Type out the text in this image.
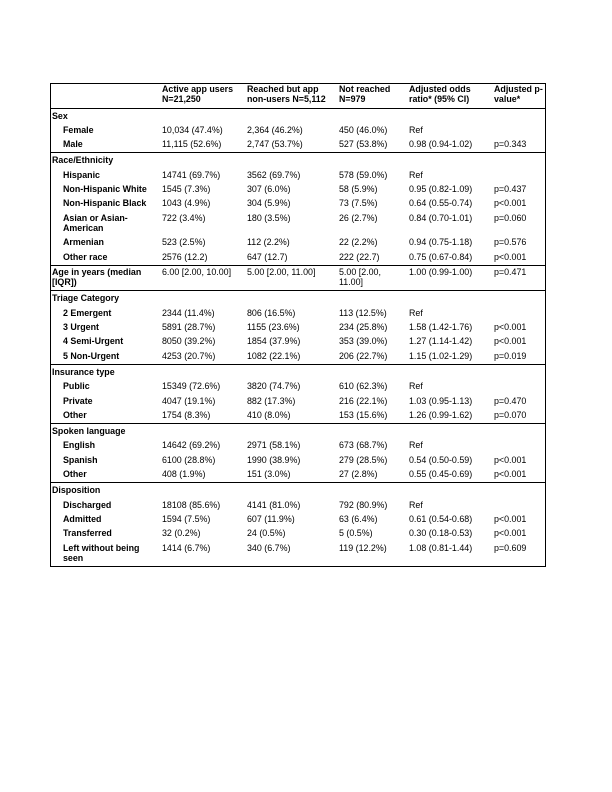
	Active app users N=21,250	Reached but app non-users N=5,112	Not reached N=979	Adjusted odds ratio* (95% CI)	Adjusted p-value*
Sex					
Female	10,034 (47.4%)	2,364 (46.2%)	450 (46.0%)	Ref	
Male	11,115 (52.6%)	2,747 (53.7%)	527 (53.8%)	0.98 (0.94-1.02)	p=0.343
Race/Ethnicity					
Hispanic	14741 (69.7%)	3562 (69.7%)	578 (59.0%)	Ref	
Non-Hispanic White	1545 (7.3%)	307 (6.0%)	58 (5.9%)	0.95 (0.82-1.09)	p=0.437
Non-Hispanic Black	1043 (4.9%)	304 (5.9%)	73 (7.5%)	0.64 (0.55-0.74)	p<0.001
Asian or Asian-American	722 (3.4%)	180 (3.5%)	26 (2.7%)	0.84 (0.70-1.01)	p=0.060
Armenian	523 (2.5%)	112 (2.2%)	22 (2.2%)	0.94 (0.75-1.18)	p=0.576
Other race	2576 (12.2)	647 (12.7)	222 (22.7)	0.75 (0.67-0.84)	p<0.001
Age in years (median [IQR])	6.00 [2.00, 10.00]	5.00 [2.00, 11.00]	5.00 [2.00, 11.00]	1.00 (0.99-1.00)	p=0.471
Triage Category					
2 Emergent	2344 (11.4%)	806 (16.5%)	113 (12.5%)	Ref	
3 Urgent	5891 (28.7%)	1155 (23.6%)	234 (25.8%)	1.58 (1.42-1.76)	p<0.001
4 Semi-Urgent	8050 (39.2%)	1854 (37.9%)	353 (39.0%)	1.27 (1.14-1.42)	p<0.001
5 Non-Urgent	4253 (20.7%)	1082 (22.1%)	206 (22.7%)	1.15 (1.02-1.29)	p=0.019
Insurance type					
Public	15349 (72.6%)	3820 (74.7%)	610 (62.3%)	Ref	
Private	4047 (19.1%)	882 (17.3%)	216 (22.1%)	1.03 (0.95-1.13)	p=0.470
Other	1754 (8.3%)	410 (8.0%)	153 (15.6%)	1.26 (0.99-1.62)	p=0.070
Spoken language					
English	14642 (69.2%)	2971 (58.1%)	673 (68.7%)	Ref	
Spanish	6100 (28.8%)	1990 (38.9%)	279 (28.5%)	0.54 (0.50-0.59)	p<0.001
Other	408 (1.9%)	151 (3.0%)	27 (2.8%)	0.55 (0.45-0.69)	p<0.001
Disposition					
Discharged	18108 (85.6%)	4141 (81.0%)	792 (80.9%)	Ref	
Admitted	1594 (7.5%)	607 (11.9%)	63 (6.4%)	0.61 (0.54-0.68)	p<0.001
Transferred	32 (0.2%)	24 (0.5%)	5 (0.5%)	0.30 (0.18-0.53)	p<0.001
Left without being seen	1414 (6.7%)	340 (6.7%)	119 (12.2%)	1.08 (0.81-1.44)	p=0.609
